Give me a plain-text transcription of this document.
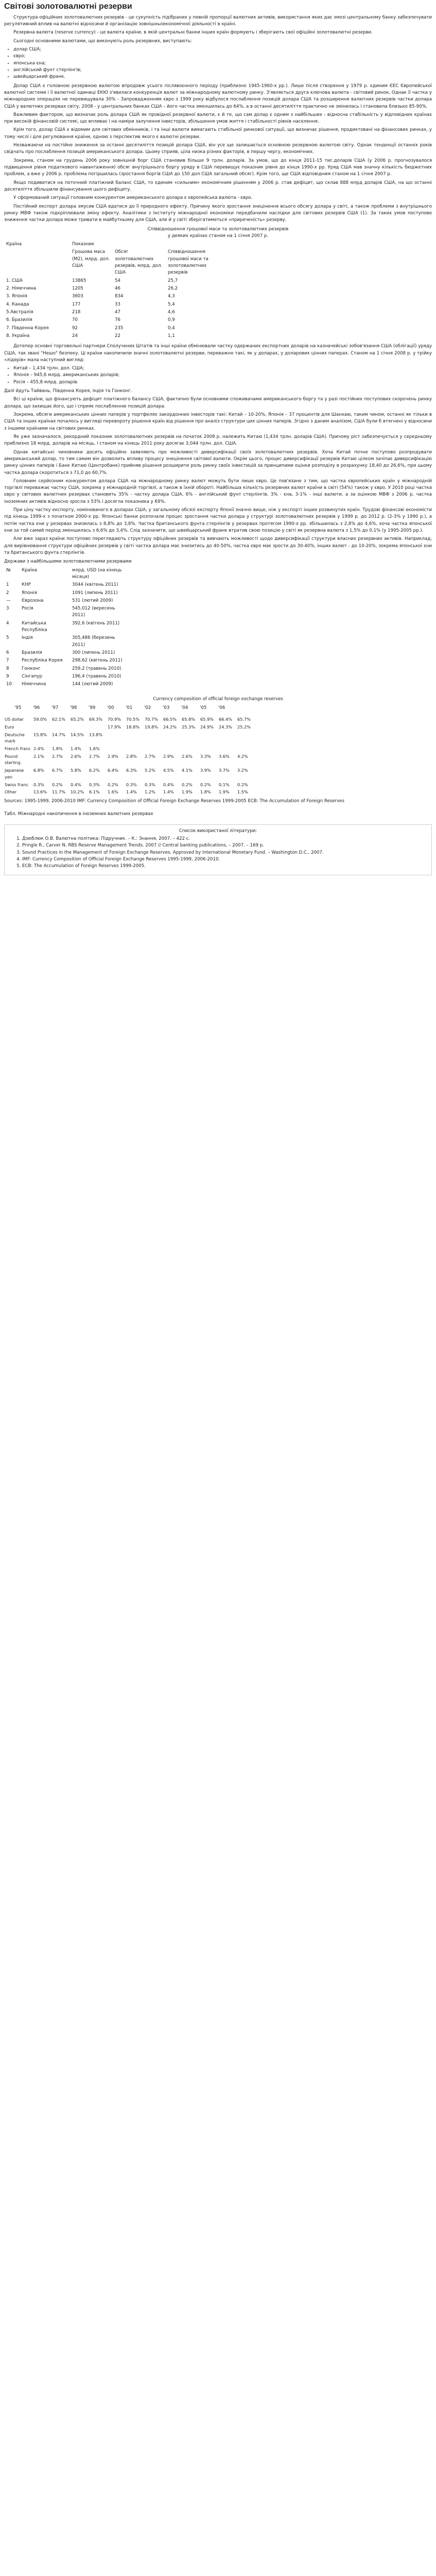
Світові золотовалютні резерви

Структура офіційних золотовалютних резервів - це сукупність підібраних у певній пропорції валютних активів, використання яких дає змозі центральному банку забезпечувати регулятивний вплив на валютні відносини й організацію зовнішньоекономічної діяльності в країні.

Резервна валюта (reserve currency) - це валюта країни, в якій центральні банки інших країн формують і зберігають свої офіційні золотовалютні резерви.

Сьогодні основними валютами, що виконують роль резервних, виступають:

• долар США;
• євро;
• японська єна;
• англійський фунт стерлінгів;
• швейцарський франк.

Долар США є головною резервною валютою впродовж усього післявоєнного періоду (приблизно 1945-1960-х рр.). Лише після створення у 1979 р. єдиним ЄЕС Європейської валютної системи і її валютної одиниці ЕКЮ з'явилася конкуренція валют за міжнародному валютному ринку. З'являється друга ключова валюта - світовий ринок, Однак її частка у міжнародних операціях не перевищувала 30% - Запровадженням євро з 1999 року відбулося послаблення позицій долара США та розширення валютних резервів частки долара США у валютних резервах світу, 2008 - у центральних банках США – його частка зменшилась до 64%, а в останні десятиліття практично не змінилась і становила близько 85-90%.

Важливим фактором, що визначає роль долара США як провідної резервної валюти, є й те, що сам долар є одним з найбільших - відносна стабільність у відповідних країнах при високій фінансовій системі, що впливає і на наміри залучення інвесторів, збільшення умов життя і стабільності рівнів населення.

Крім того, долар США є відомим для світових обмінників, і та інші валюти вимагають стабільної ринкової ситуації, що визначає рішення, продиктовані на фінансових ринках, у тому числі і для регулювання країни, одною з перспектив якого є валютні резерви.

Незважаючи на постійне зниження за останні десятиліття позицій долара США, він усе ще залишається основною резервною валютою світу. Однак тенденції останніх років свідчать про послаблення позицій американського долара. Цьому сприяв, ціла низка різних факторів, в першу чергу, економічних.

Зокрема, станом на грудень 2006 року зовнішній борг США становив більше 9 трлн. доларів. За умов, що до кінця 2011-15 тис.доларів США (у 2006 р. прогнозувалося підвищення рівня податкового навантаження) обсяг внутрішнього боргу уряду в США перевищує показник рівня до кінця 1990-х рр. Уряд США мав значну кількість бюджетних проблем, а вже у 2006 р. проблема погіршилась (зростання боргів США до 150 дол США загальний обсяг). Крім того, ще США відповідним станом на 1 січня 2007 р.

Якщо подивитися на поточний платіжний баланс США, то єдиним «сильним» економічним рішенням у 2006 р. став дефіцит, що склав 888 млрд доларів США, на що останні десятиліття збільшили фінансування цього дефіциту.

У сформований ситуації головним конкурентом американського долара є європейська валюта - євро.

Постійний експорт долара змусив США вдатися до її природного ефекту. Причину якого зростання знецінення всього обсягу долара у світі, а також проблеми з внутрішнього ринку МВФ також підкріплювали зміну ефекту. Аналітики з Інституту міжнародної економіки передбачили наслідки для світових резервів США (1). За таких умов поступове зниження частки долара може тривати в майбутньому для США, але й у світі зберігатиметься «приреченість» резерву.

Співвідношення грошової маси та золотовалютних резервів
у деяких країнах станом на 1 січня 2007 р.
Країна	Показник		
	Грошова маса (М2), млрд. дол. США	Обсяг золотовалютних резервів, млрд. дол. США	Співвідношення грошової маси та золотовалютних резервів
1. США	13865	54	25,7
2. Німеччина	1205	46	26,2
3. Японія	3603	834	4,3
4. Канада	177	33	5,4
5.Австралія	218	47	4,6
6. Бразилія	70	76	0,9
7. Південна Корея	92	235	0,4
8. Україна	24	22	1,1

Дотепер основні торговельні партнери Сполучених Штатів та інші країни обмінювали частку одержаних експортних доларів на казначейські зобов'язання США (облігації) уряду США, так звані "Нешо" безпеку. Ці країни накопичили значні золотовалютні резерви, переважно такі, як у доларах, у доларових цінних паперах. Станом на 1 січня 2008 р. у трійку «лідерів» мала наступний вигляд:

• Китай – 1,434 трлн. дол. США;
• Японія – 945,6 млрд. американських доларів;
• Росія – 455,8 млрд. доларів.

Далі йдуть Тайвань, Південна Корея, Індія та Гонконг.

Всі ці країни, що фінансують дефіцит платіжного балансу США, фактично були основними споживачами американського боргу та у разі постійних поступових скорочень ринку долара, що захищає його, що і сприяє послабленню позицій долара.

Зокрема, обсяги американських цінних паперів у портфелях закордонних інвесторів такі: Китай – 10-20%, Японія – 37 процентів для Шанхаю, таким чином, останні як тільки в США та інших країнах почалось у вигляді перевороту рішення країн від рішення про аналіз структури цих цінних паперів. Згідно з даним аналізом, США були б втягнені у відносини з іншими країнами на світових ринках.

Як уже зазначалося, рекордний показник золотовалютних резервів на початок 2008 р. належить Китаю (1,434 трлн. доларів США). Причому ріст забезпечується у середньому приблизно 18 млрд. доларів на місяць, і станом на кінець 2011 року досягає 3,044 трлн. дол. США.

Однак китайські чиновники досить офіційно заявляють про можливості диверсифікації своїх золотовалютних резервів. Хоча Китай почне поступово розпродувати американський долар, то тим самим він дозволить впливу процесу знецінення світової валюти. Окрім цього, процес диверсифікації резервів Китаю цілком зачіпає диверсифікацію ринку цінних паперів і Банк Китаю (Центробанк) прийняв рішення розширити роль ринку своїх інвестицій за принципами оцінки розподілу в розрахунку 18,40 до 26,6%, при цьому частка долара скоротиться з 71,0 до 60,7%.

Головним серйозним конкурентом долара США на міжнародному ринку валют можуть бути лише євро. Це пов'язане з тим, що частка європейських країн у міжнародній торгівлі переважає частку США, зокрема у міжнародній торгівлі, а також в їхній обороті. Найбільша кількість резервних валют країни в світі (54%) також у євро. У 2010 році частка євро у світових валютних резервах становить 35% - частку долара США, 6% - англійський фунт стерлінгів, 3% - єна, 3-1% - інші валюти, а за оцінкою МВФ з 2006 р. частка іноземних активів відносно зросла з 53% і досягла показника у 69%.

При ціну частку експорту, номінованого в доларах США, у загальному обсязі експорту Японії значно вище, ніж у експорті інших розвинутих країн. Трудові фінансові економісти під кінець 1999-х з початком 2000-х рр. Японські банки розпочали процес зростання частки долара у структурі золотовалютних резервів у 1999 р. до 2012 р. (2-3% у 1990 р.), а потім частка єни у резервах знизилась з 8,8% до 3,8%. Частка британського фунта стерлінгів у резервах протягом 1990-х рр. збільшилась з 2,8% до 4,6%, хоча частка японської єни за той самий період зменшилась з 6,6% до 3,4%. Слід зазначити, що швейцарський франк втратив свою позицію у світі як резервна валюта з 1,5% до 0,1% (у 1995-2005 рр.).

Але вже зараз країни поступово переглядають структуру офіційних резервів та вивчають можливості щодо диверсифікації структури власних резервних активів. Наприклад, для вирівнювання структури офіційних резервів у світі частка долара має знизитись до 40-50%, частка євро має зрости до 30-40%, інших валют - до 10-20%, зокрема японської єни та британського фунта стерлінгів.

Держави з найбільшими золотовалютними резервами
№	Країна	млрд. USD (на кінець місяця)
1	КНР	3044 (квітень 2011)
2	Японія	1091 (липень 2011)
—	Єврозона	531 (лютий 2009)
3	Росія	545,012 (вересень 2011)
4	Китайська Республіка	392,6 (квітень 2011)
5	Індія	305,486 (березень 2011)
6	Бразилія	300 (липень 2011)
7	Республіка Корея	298,62 (квітень 2011)
8	Гонконг	259,2 (травень 2010)
9	Сінгапур	196,4 (травень 2010)
10	Німеччина	144 (лютий 2009)
Currency composition of official foreign exchange reserves
'95	'96	'97	'98	'99	'00	'01	'02	'03	'04	'05	'06
US dollar	59.0%	62.1%	65.2%	69.3%	70.9%	70.5%	70.7%	66.5%	65.8%	65.9%	66.4%	65.7%
Euro					17.9%	18.8%	19.8%	24.2%	25.3%	24.9%	24.3%	25.2%
Deutsche mark	15.8%	14.7%	14.5%	13.8%								
French franc	2.4%	1.8%	1.4%	1.6%								
Pound sterling	2.1%	2.7%	2.6%	2.7%	2.9%	2.8%	2.7%	2.9%	2.6%	3.3%	3.6%	4.2%
Japanese yen	6.8%	6.7%	5.8%	6.2%	6.4%	6.3%	5.2%	4.5%	4.1%	3.9%	3.7%	3.2%
Swiss franc	0.3%	0.2%	0.4%	0.3%	0.2%	0.3%	0.3%	0.4%	0.2%	0.2%	0.1%	0.2%
Other	13.6%	11.7%	10.2%	6.1%	1.6%	1.4%	1.2%	1.4%	1.9%	1.8%	1.9%	1.5%
Sources: 1995-1999, 2006-2010 IMF: Currency Composition of Official Foreign Exchange Reserves 1999-2005 ECB: The Accumulation of Foreign Reserves
Табл. Міжнародні накопичення в іноземних валютних резервах
Список використаної літератури:
1. Дзюблюк О.В. Валютна політика: Підручник. – К.: Знання, 2007. – 422 с.
2. Pringle R., Carver N. RBS Reserve Management Trends. 2007 // Central banking publications, – 2007. – 169 p.
3. Sound Practices in the Management of Foreign Exchange Reserves. Approved by International Monetary Fund. – Washington D.C., 2007.
4. IMF: Currency Composition of Official Foreign Exchange Reserves 1995-1999, 2006-2010.
5. ECB: The Accumulation of Foreign Reserves 1999-2005.
